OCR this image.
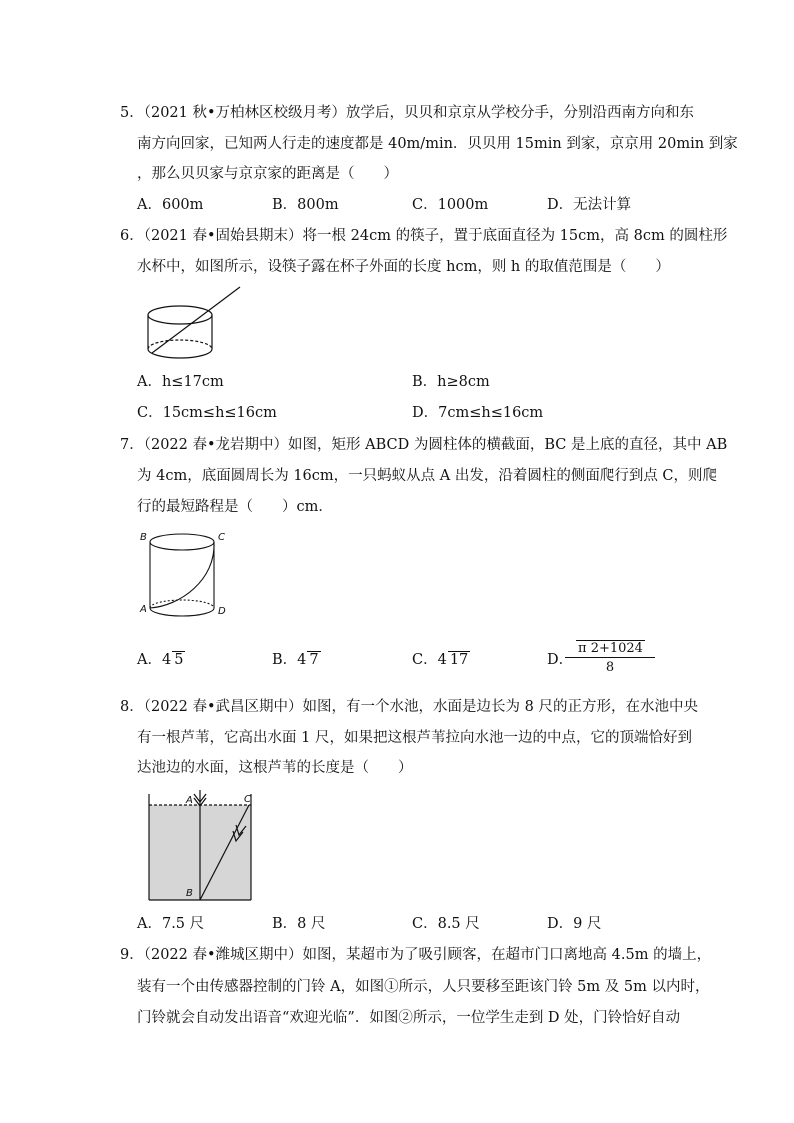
5．（2021 秋•万柏林区校级月考）放学后，贝贝和京京从学校分手，分别沿西南方向和东
南方向回家，已知两人行走的速度都是 40m/min．贝贝用 15min 到家，京京用 20min 到家
，那么贝贝家与京京家的距离是（　　）
A．600m	B．800m	C．1000m	D．无法计算
6．（2021 春•固始县期末）将一根 24cm 的筷子，置于底面直径为 15cm，高 8cm 的圆柱形
水杯中，如图所示，设筷子露在杯子外面的长度 hcm，则 h 的取值范围是（　　）
A．h≤17cm	B．h≥8cm
C．15cm≤h≤16cm	D．7cm≤h≤16cm
7．（2022 春•龙岩期中）如图，矩形 ABCD 为圆柱体的横截面，BC 是上底的直径，其中 AB
为 4cm，底面圆周长为 16cm，一只蚂蚁从点 A 出发，沿着圆柱的侧面爬行到点 C，则爬
行的最短路程是（　　）cm．
B	C
A	D
A．4 5	B．4 7	C．4 17	D．
$\frac{\pi 2+1024}{8}$
8．（2022 春•武昌区期中）如图，有一个水池，水面是边长为 8 尺的正方形，在水池中央
有一根芦苇，它高出水面 1 尺，如果把这根芦苇拉向水池一边的中点，它的顶端恰好到
达池边的水面，这根芦苇的长度是（　　）
A	C
B
A．7.5 尺	B．8 尺	C．8.5 尺	D．9 尺
9．（2022 春•潍城区期中）如图，某超市为了吸引顾客，在超市门口离地高 4.5m 的墙上，
装有一个由传感器控制的门铃 A，如图①所示，人只要移至距该门铃 5m 及 5m 以内时，
门铃就会自动发出语音“欢迎光临”．如图②所示，一位学生走到 D 处，门铃恰好自动
